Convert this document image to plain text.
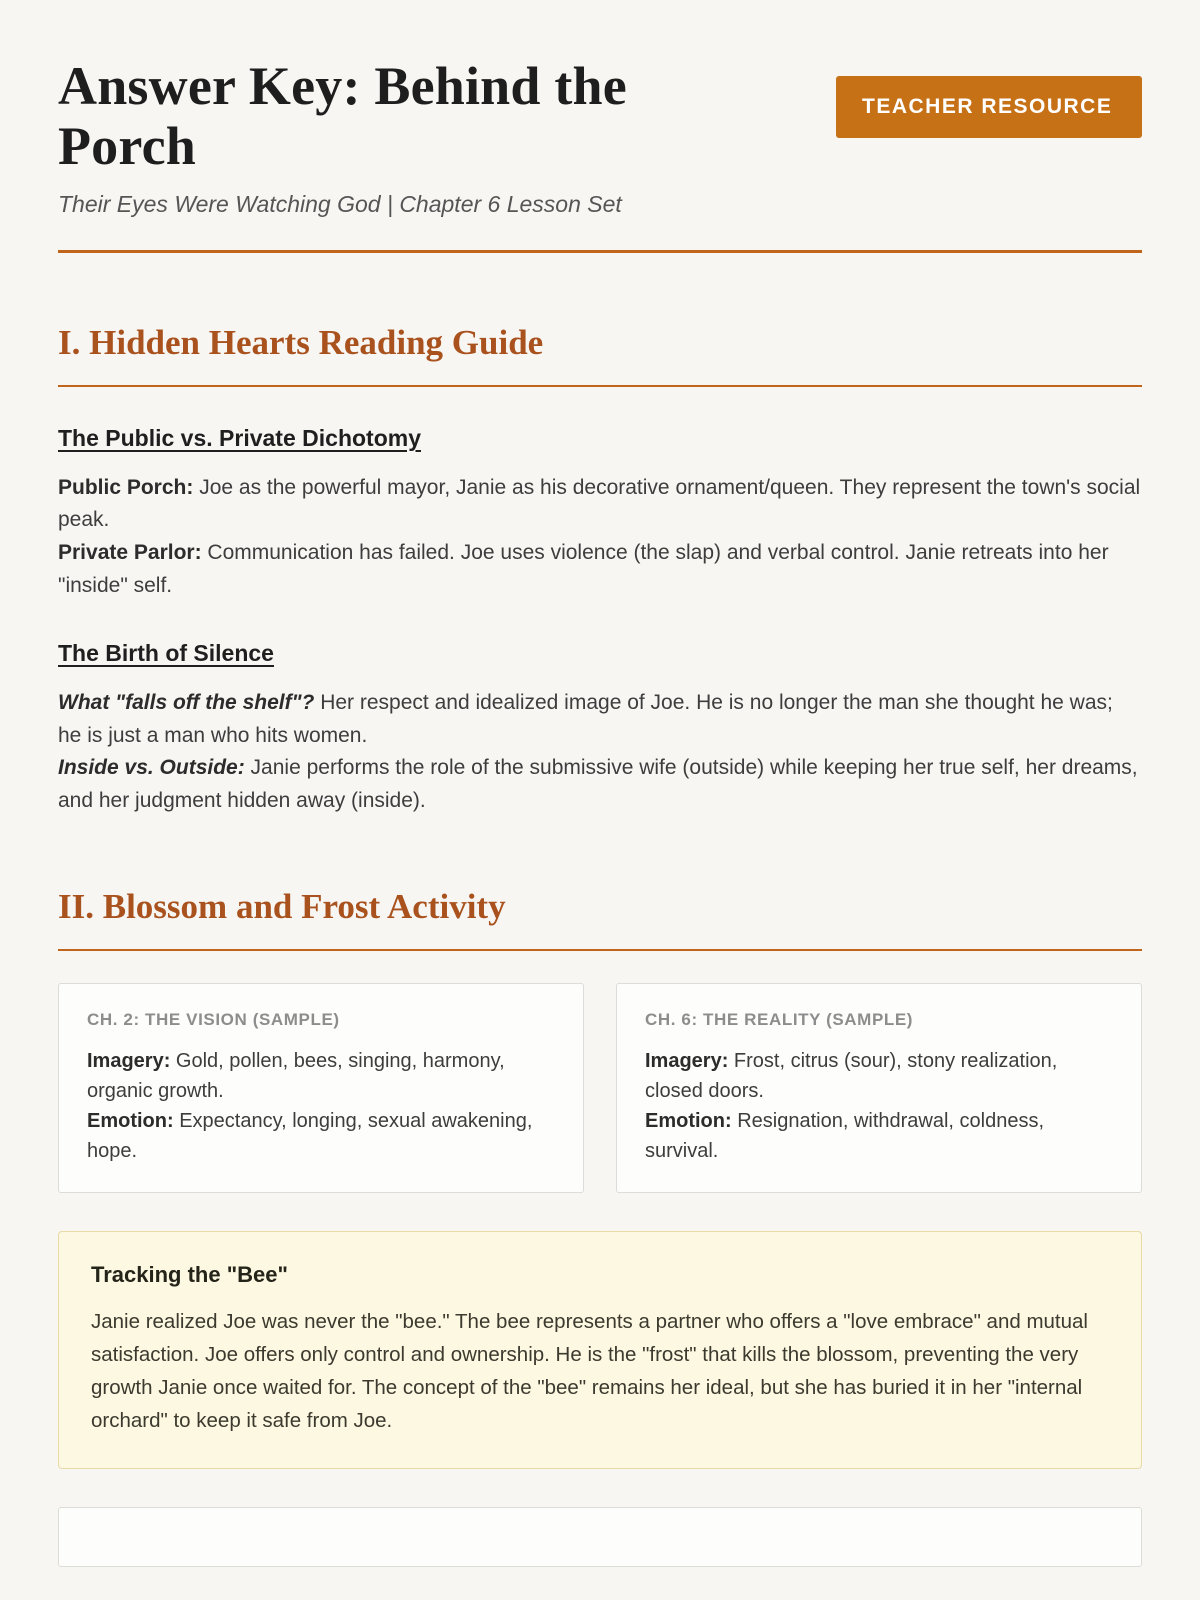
Answer Key: Behind the Porch
Their Eyes Were Watching God | Chapter 6 Lesson Set
TEACHER RESOURCE
I. Hidden Hearts Reading Guide
The Public vs. Private Dichotomy
Public Porch: Joe as the powerful mayor, Janie as his decorative ornament/queen. They represent the town's social peak.
Private Parlor: Communication has failed. Joe uses violence (the slap) and verbal control. Janie retreats into her "inside" self.
The Birth of Silence
What "falls off the shelf"? Her respect and idealized image of Joe. He is no longer the man she thought he was; he is just a man who hits women.
Inside vs. Outside: Janie performs the role of the submissive wife (outside) while keeping her true self, her dreams, and her judgment hidden away (inside).
II. Blossom and Frost Activity
CH. 2: THE VISION (SAMPLE)
Imagery: Gold, pollen, bees, singing, harmony, organic growth.
Emotion: Expectancy, longing, sexual awakening, hope.
CH. 6: THE REALITY (SAMPLE)
Imagery: Frost, citrus (sour), stony realization, closed doors.
Emotion: Resignation, withdrawal, coldness, survival.
Tracking the "Bee"
Janie realized Joe was never the "bee." The bee represents a partner who offers a "love embrace" and mutual satisfaction. Joe offers only control and ownership. He is the "frost" that kills the blossom, preventing the very growth Janie once waited for. The concept of the "bee" remains her ideal, but she has buried it in her "internal orchard" to keep it safe from Joe.
